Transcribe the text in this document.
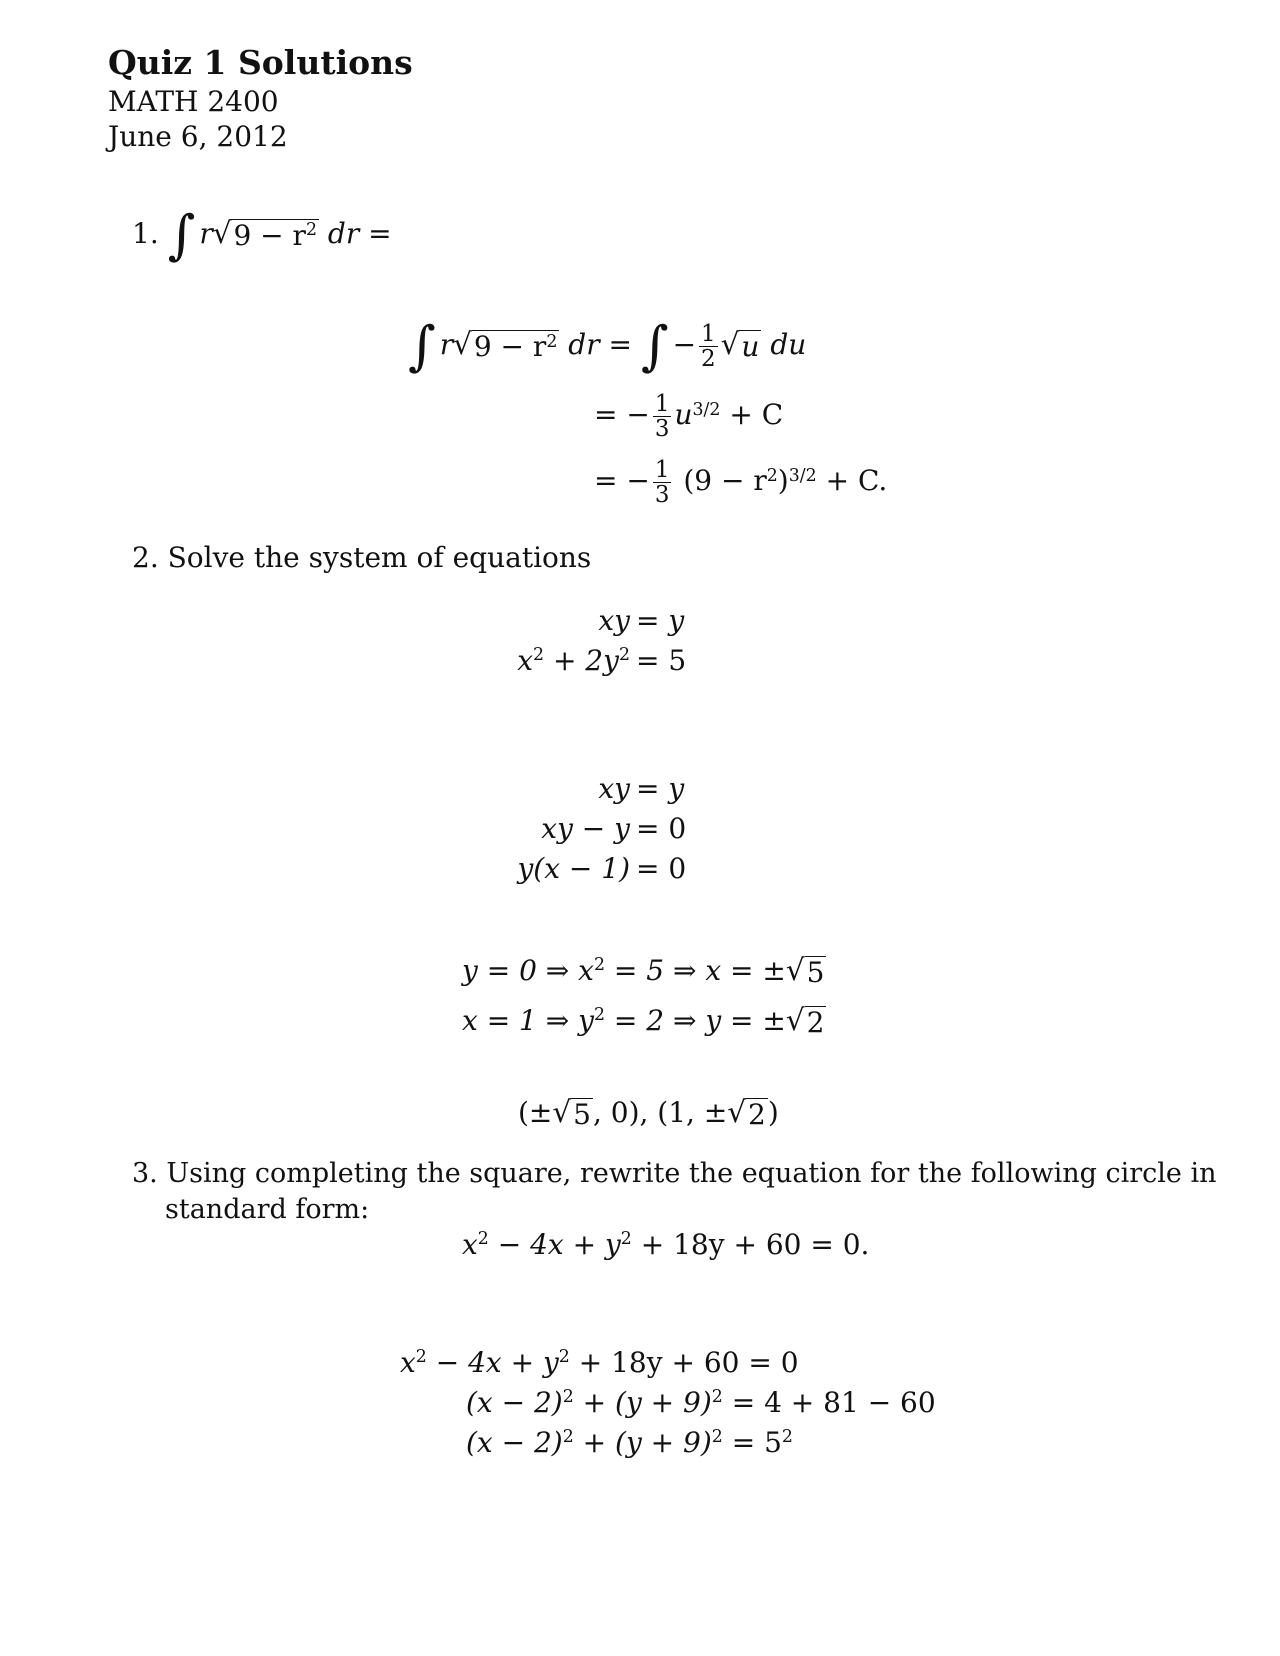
Quiz 1 Solutions
MATH 2400
June 6, 2012
1. ∫ r √ $9 - r^2$ dr =
∫ r √ $9 - r^2$ dr = ∫ − $\frac{1}{2}$ √ u du
= − $\frac{1}{3} u^{3/2} + C$
= − $\frac{1}{3} (9 - r^2)^{3/2} + C$.
2. Solve the system of equations
xy = y
$x^2 + 2y^2 = 5$
xy = y
xy − y = 0
y(x − 1) = 0
y = 0 ⇒ $x^2 = 5$ ⇒ x = ± √ 5
x = 1 ⇒ $y^2 = 2$ ⇒ y = ± √ 2
(± √ 5 , 0), (1, ± √ 2 )
3. Using completing the square, rewrite the equation for the following circle in
standard form:
$x^2 - 4x + y^2 + 18y + 60 = 0$.
$x^2 - 4x + y^2 + 18y + 60 = 0$
$(x - 2)^2 + (y + 9)^2 = 4 + 81 - 60$
$(x - 2)^2 + (y + 9)^2 = 5^2$
